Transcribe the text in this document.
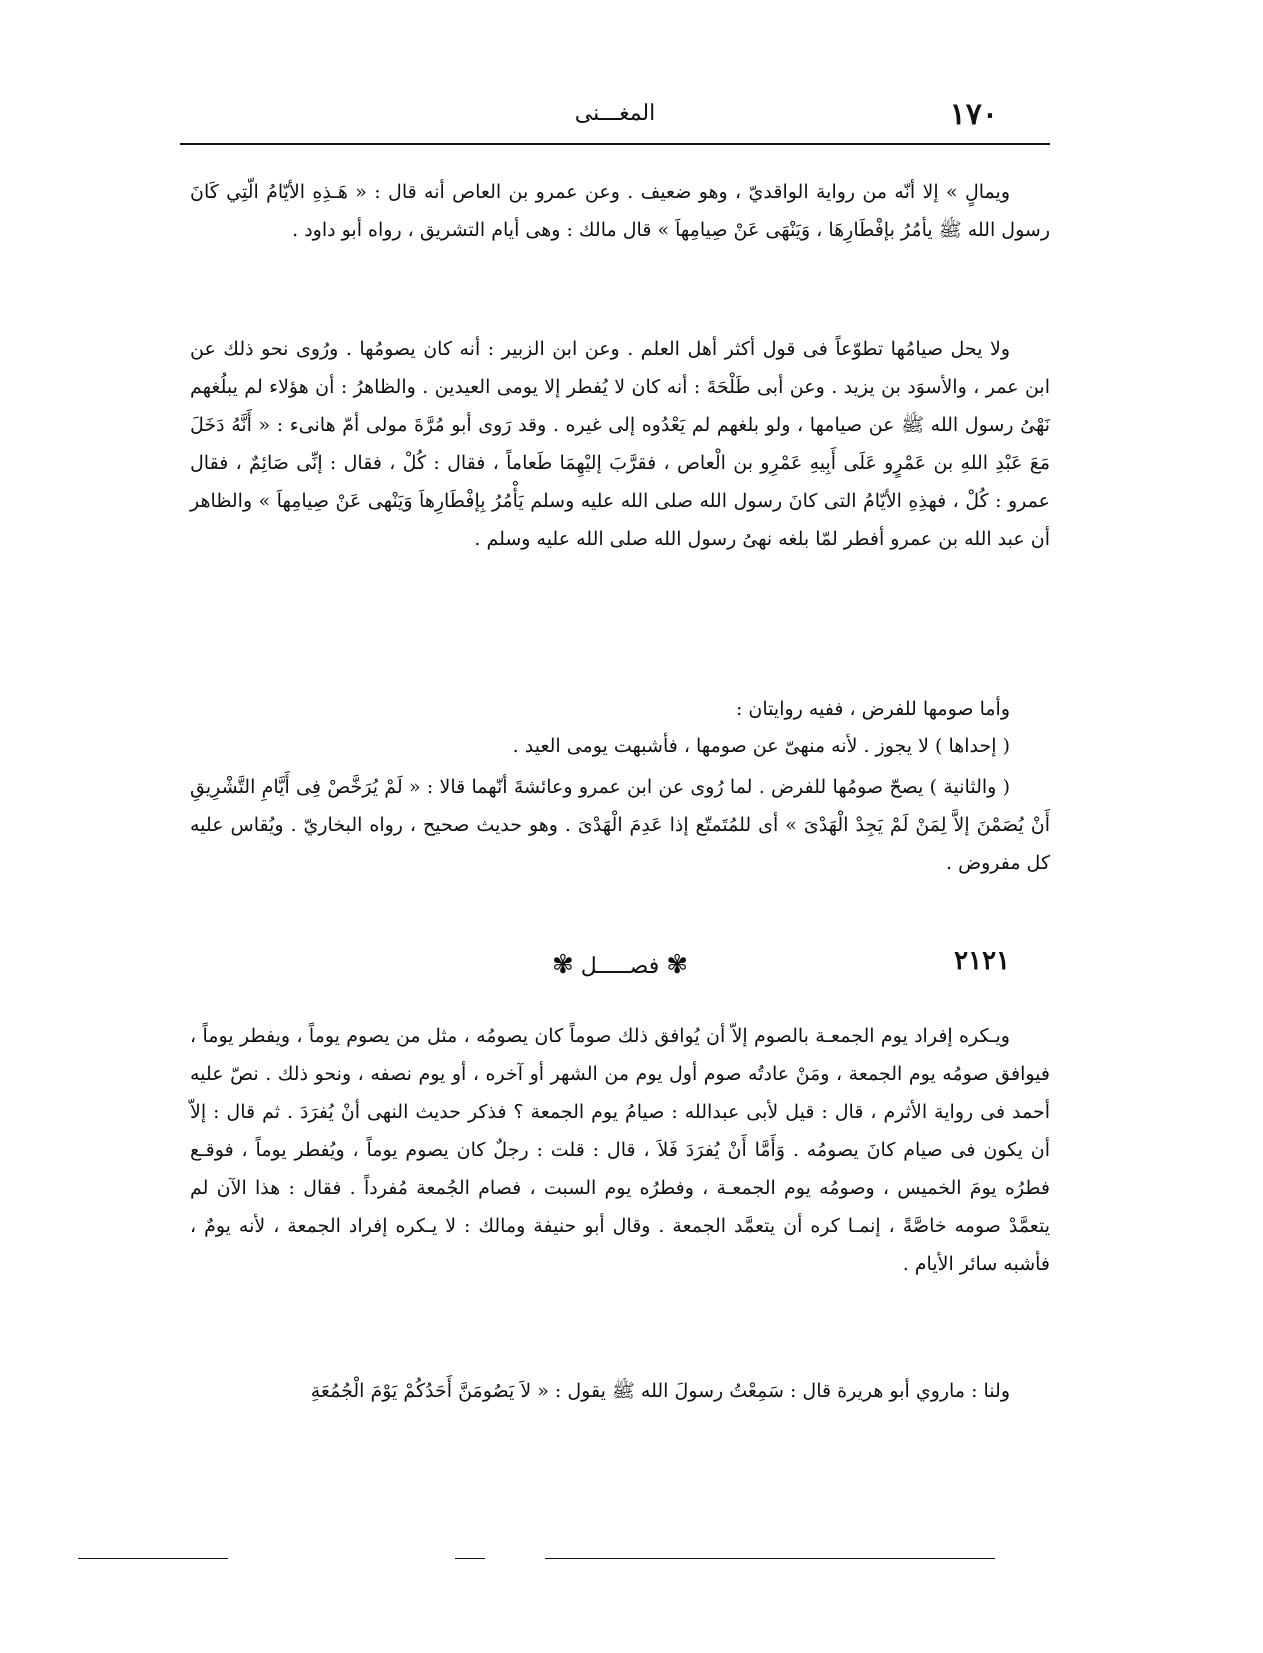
١٧٠
المغـــنى

ويمالٍ » إلا أنّه من رواية الواقديّ ، وهو ضعيف . وعن عمرو بن العاص أنه قال : « هَـذِهِ الأيّامُ الّتِي كَانَ رسول الله ﷺ يأمُرُ بإفْطَارِهَا ، وَيَنْهَى عَنْ صِيامِهاَ » قال مالك : وهى أيام التشريق ، رواه أبو داود .

ولا يحل صيامُها تطوّعاً فى قول أكثر أهل العلم . وعن ابن الزبير : أنه كان يصومُها . ورُوى نحو ذلك عن ابن عمر ، والأسوَد بن يزيد . وعن أبى طَلْحَةَ : أنه كان لا يُفطر إلا يومى العيدين . والظاهرُ : أن هؤلاء لم يبلُغهم نَهْىُ رسول الله ﷺ عن صيامها ، ولو بلغهم لم يَعْدُوه إلى غيره . وقد رَوى أبو مُرَّةَ مولى أمّ هانىء : « أَنَّهُ دَخَلَ مَعَ عَبْدِ اللهِ بن عَمْرٍو عَلَى أَبِيهِ عَمْرِو بن الْعاص ، فقرَّبَ إليْهِمَا طَعاماً ، فقال : كُلْ ، فقال : إنِّى صَائِمٌ ، فقال عمرو : كُلْ ، فهذِهِ الأيّامُ التى كانَ رسول الله صلى الله عليه وسلم يَأْمُرُ بِإفْطَارِهاَ وَيَنْهى عَنْ صِيامِهاَ » والظاهر أن عبد الله بن عمرو أفطر لمّا بلغه نهىُ رسول الله صلى الله عليه وسلم .

وأما صومها للفرض ، ففيه روايتان :

( إحداها ) لا يجوز . لأنه منهىّ عن صومها ، فأشبهت يومى العيد .

( والثانية ) يصحّ صومُها للفرض . لما رُوى عن ابن عمرو وعائشةَ أنّهما قالا : « لَمْ يُرَخَّصْ فِى أَيَّامِ التَّشْرِيقِ أَنْ يُصَمْنَ إلاَّ لِمَنْ لَمْ يَجِدْ الْهَدْىَ » أى للمُتَمتّع إذا عَدِمَ الْهَدْىَ . وهو حديث صحيح ، رواه البخاريّ . ويُقاس عليه كل مفروض .

٢١٢١
✾ فصـــــل ✾

ويـكره إفراد يوم الجمعـة بالصوم إلاّ أن يُوافق ذلك صوماً كان يصومُه ، مثل من يصوم يوماً ، ويفطر يوماً ، فيوافق صومُه يوم الجمعة ، ومَنْ عادتُه صوم أول يوم من الشهر أو آخره ، أو يوم نصفه ، ونحو ذلك . نصّ عليه أحمد فى رواية الأثرم ، قال : قيل لأبى عبدالله : صيامُ يوم الجمعة ؟ فذكر حديث النهى أنْ يُفرَدَ . ثم قال : إلاّ أن يكون فى صيام كانَ يصومُه . وَأَمَّا أَنْ يُفرَدَ فَلاَ ، قال : قلت : رجلٌ كان يصوم يوماً ، ويُفطر يوماً ، فوقـع فطرُه يومَ الخميس ، وصومُه يوم الجمعـة ، وفطرُه يوم السبت ، فصام الجُمعة مُفرداً . فقال : هذا الآن لم يتعمَّدْ صومه خاصَّةً ، إنمـا كره أن يتعمَّد الجمعة . وقال أبو حنيفة ومالك : لا يـكره إفراد الجمعة ، لأنه يومٌ ، فأشبه سائر الأيام .

ولنا : ماروي أبو هريرة قال : سَمِعْتُ رسولَ الله ﷺ يقول : « لاَ يَصُومَنَّ أَحَدُكُمْ يَوْمَ الْجُمُعَةِ
